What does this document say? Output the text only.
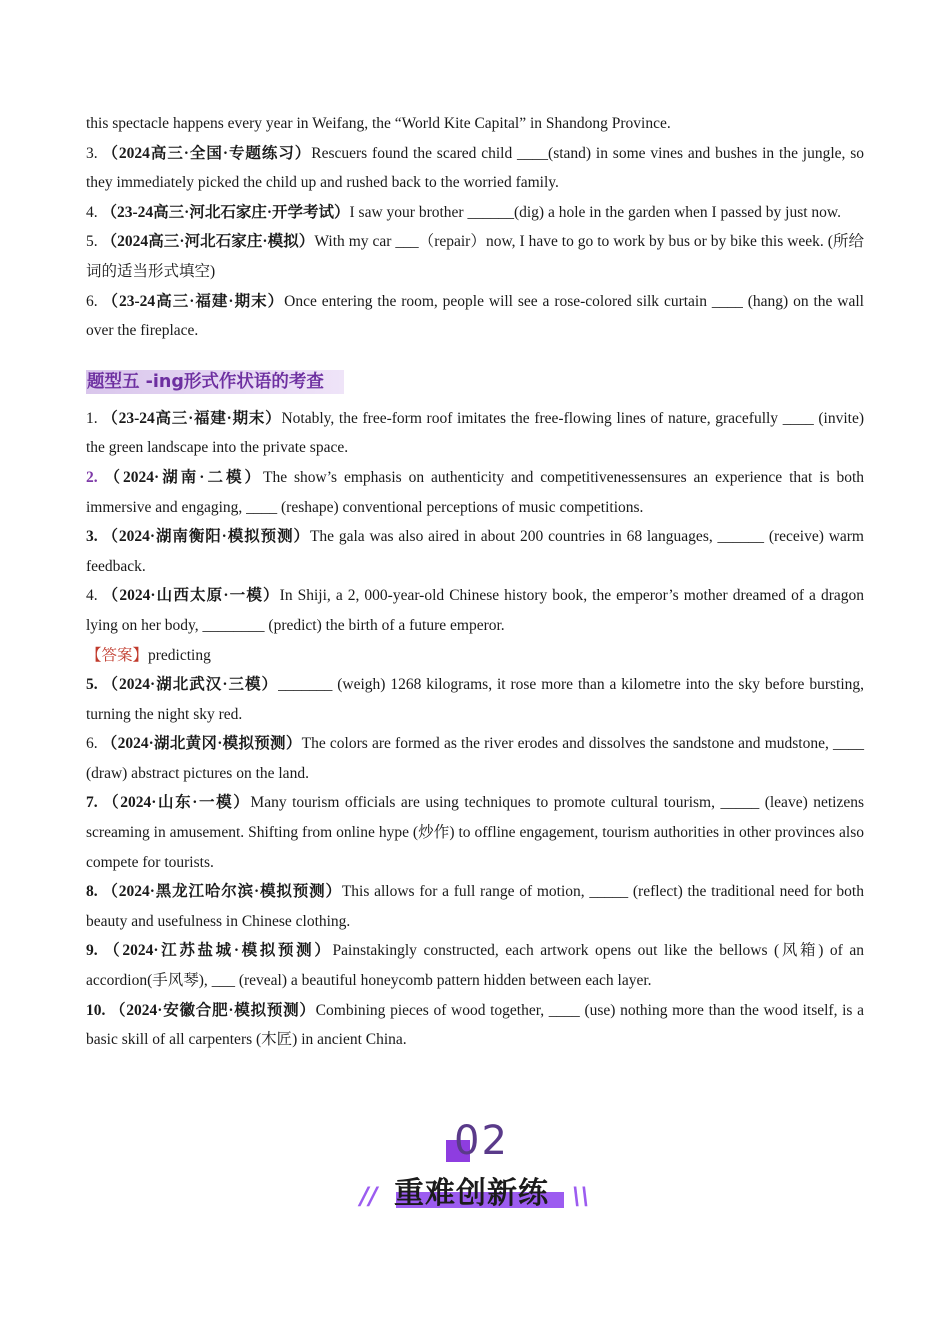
this spectacle happens every year in Weifang, the “World Kite Capital” in Shandong Province.

3. （2024高三·全国·专题练习）Rescuers found the scared child ____(stand) in some vines and bushes in the jungle, so they immediately picked the child up and rushed back to the worried family.

4. （23-24高三·河北石家庄·开学考试）I saw your brother ______(dig) a hole in the garden when I passed by just now.

5. （2024高三·河北石家庄·模拟）With my car ___（repair）now, I have to go to work by bus or by bike this week. (所给词的适当形式填空)

6. （23-24高三·福建·期末）Once entering the room, people will see a rose-colored silk curtain ____ (hang) on the wall over the fireplace.

题型五 -ing形式作状语的考查

1. （23-24高三·福建·期末）Notably, the free-form roof imitates the free-flowing lines of nature, gracefully ____ (invite) the green landscape into the private space.

2. （2024·湖南·二模）The show’s emphasis on authenticity and competitivenessensures an experience that is both immersive and engaging, ____ (reshape) conventional perceptions of music competitions.

3. （2024·湖南衡阳·模拟预测）The gala was also aired in about 200 countries in 68 languages, ______ (receive) warm feedback.

4. （2024·山西太原·一模）In Shiji, a 2, 000-year-old Chinese history book, the emperor’s mother dreamed of a dragon lying on her body, ________ (predict) the birth of a future emperor.

【答案】predicting

5. （2024·湖北武汉·三模）_______ (weigh) 1268 kilograms, it rose more than a kilometre into the sky before bursting, turning the night sky red.

6. （2024·湖北黄冈·模拟预测）The colors are formed as the river erodes and dissolves the sandstone and mudstone, ____ (draw) abstract pictures on the land.

7. （2024·山东·一模）Many tourism officials are using techniques to promote cultural tourism, _____ (leave) netizens screaming in amusement. Shifting from online hype (炒作) to offline engagement, tourism authorities in other provinces also compete for tourists.

8. （2024·黑龙江哈尔滨·模拟预测）This allows for a full range of motion, _____ (reflect) the traditional need for both beauty and usefulness in Chinese clothing.

9. （2024·江苏盐城·模拟预测）Painstakingly constructed, each artwork opens out like the bellows (风箱) of an accordion(手风琴), ___ (reveal) a beautiful honeycomb pattern hidden between each layer.

10. （2024·安徽合肥·模拟预测）Combining pieces of wood together, ____ (use) nothing more than the wood itself, is a basic skill of all carpenters (木匠) in ancient China.

02
重难创新练
//	\\
